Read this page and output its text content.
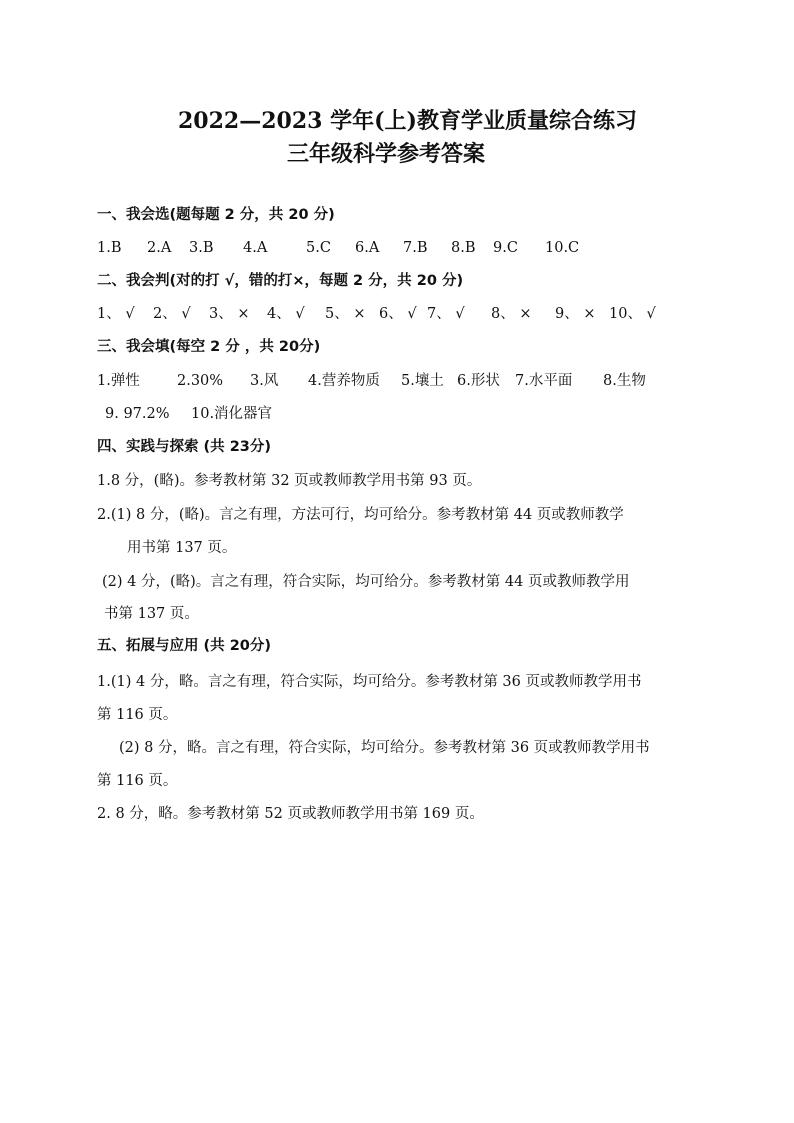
2022—2023 学年(上)教育学业质量综合练习
三年级科学参考答案
一、我会选(题每题 2 分，共 20 分)
1.B 2.A 3.B 4.A	5.C 6.A 7.B 8.B 9.C 10.C
二、我会判(对的打 √，错的打×，每题 2 分，共 20 分)
1、 √ 2、 √ 3、 × 4、 √ 5、 × 6、 √ 7、 √ 8、 × 9、 × 10、 √
三、我会填(每空 2 分 ，共 20分)
1.弹性	2.30% 3.风 4.营养物质 5.壤土 6.形状 7.水平面 8.生物
9. 97.2% 10.消化器官
四、实践与探索 (共 23分)
1.8 分，(略)。参考教材第 32 页或教师教学用书第 93 页。
2.(1) 8 分，(略)。言之有理，方法可行，均可给分。参考教材第 44 页或教师教学
用书第 137 页。
(2) 4 分，(略)。言之有理，符合实际，均可给分。参考教材第 44 页或教师教学用
书第 137 页。
五、拓展与应用 (共 20分)
1.(1) 4 分，略。言之有理，符合实际，均可给分。参考教材第 36 页或教师教学用书
第 116 页。
(2) 8 分，略。言之有理，符合实际，均可给分。参考教材第 36 页或教师教学用书
第 116 页。
2. 8 分，略。参考教材第 52 页或教师教学用书第 169 页。
